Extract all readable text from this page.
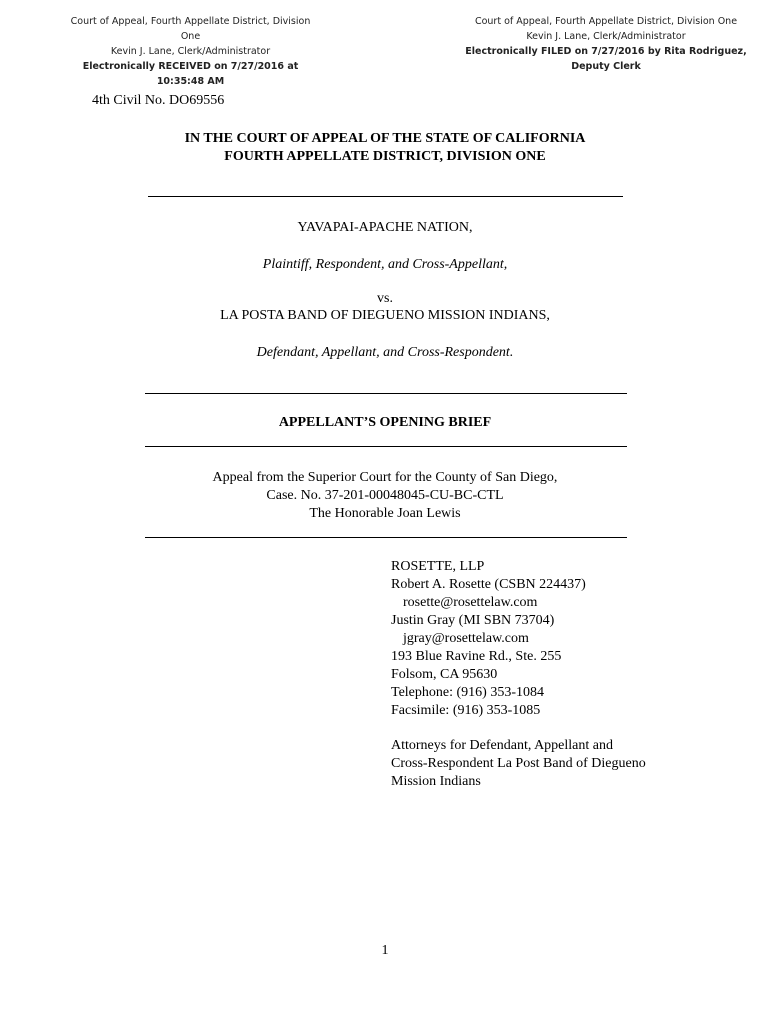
Court of Appeal, Fourth Appellate District, Division One
Kevin J. Lane, Clerk/Administrator
Electronically RECEIVED on 7/27/2016 at 10:35:48 AM
Court of Appeal, Fourth Appellate District, Division One
Kevin J. Lane, Clerk/Administrator
Electronically FILED on 7/27/2016 by Rita Rodriguez, Deputy Clerk
4th Civil No. DO69556
IN THE COURT OF APPEAL OF THE STATE OF CALIFORNIA
FOURTH APPELLATE DISTRICT, DIVISION ONE
YAVAPAI-APACHE NATION,
Plaintiff, Respondent, and Cross-Appellant,
vs.
LA POSTA BAND OF DIEGUENO MISSION INDIANS,
Defendant, Appellant, and Cross-Respondent.
APPELLANT’S OPENING BRIEF
Appeal from the Superior Court for the County of San Diego,
Case. No. 37-201-00048045-CU-BC-CTL
The Honorable Joan Lewis
ROSETTE, LLP
Robert A. Rosette (CSBN 224437)
rosette@rosettelaw.com
Justin Gray (MI SBN 73704)
jgray@rosettelaw.com
193 Blue Ravine Rd., Ste. 255
Folsom, CA 95630
Telephone: (916) 353-1084
Facsimile: (916) 353-1085
Attorneys for Defendant, Appellant and
Cross-Respondent La Post Band of Diegueno
Mission Indians
1
